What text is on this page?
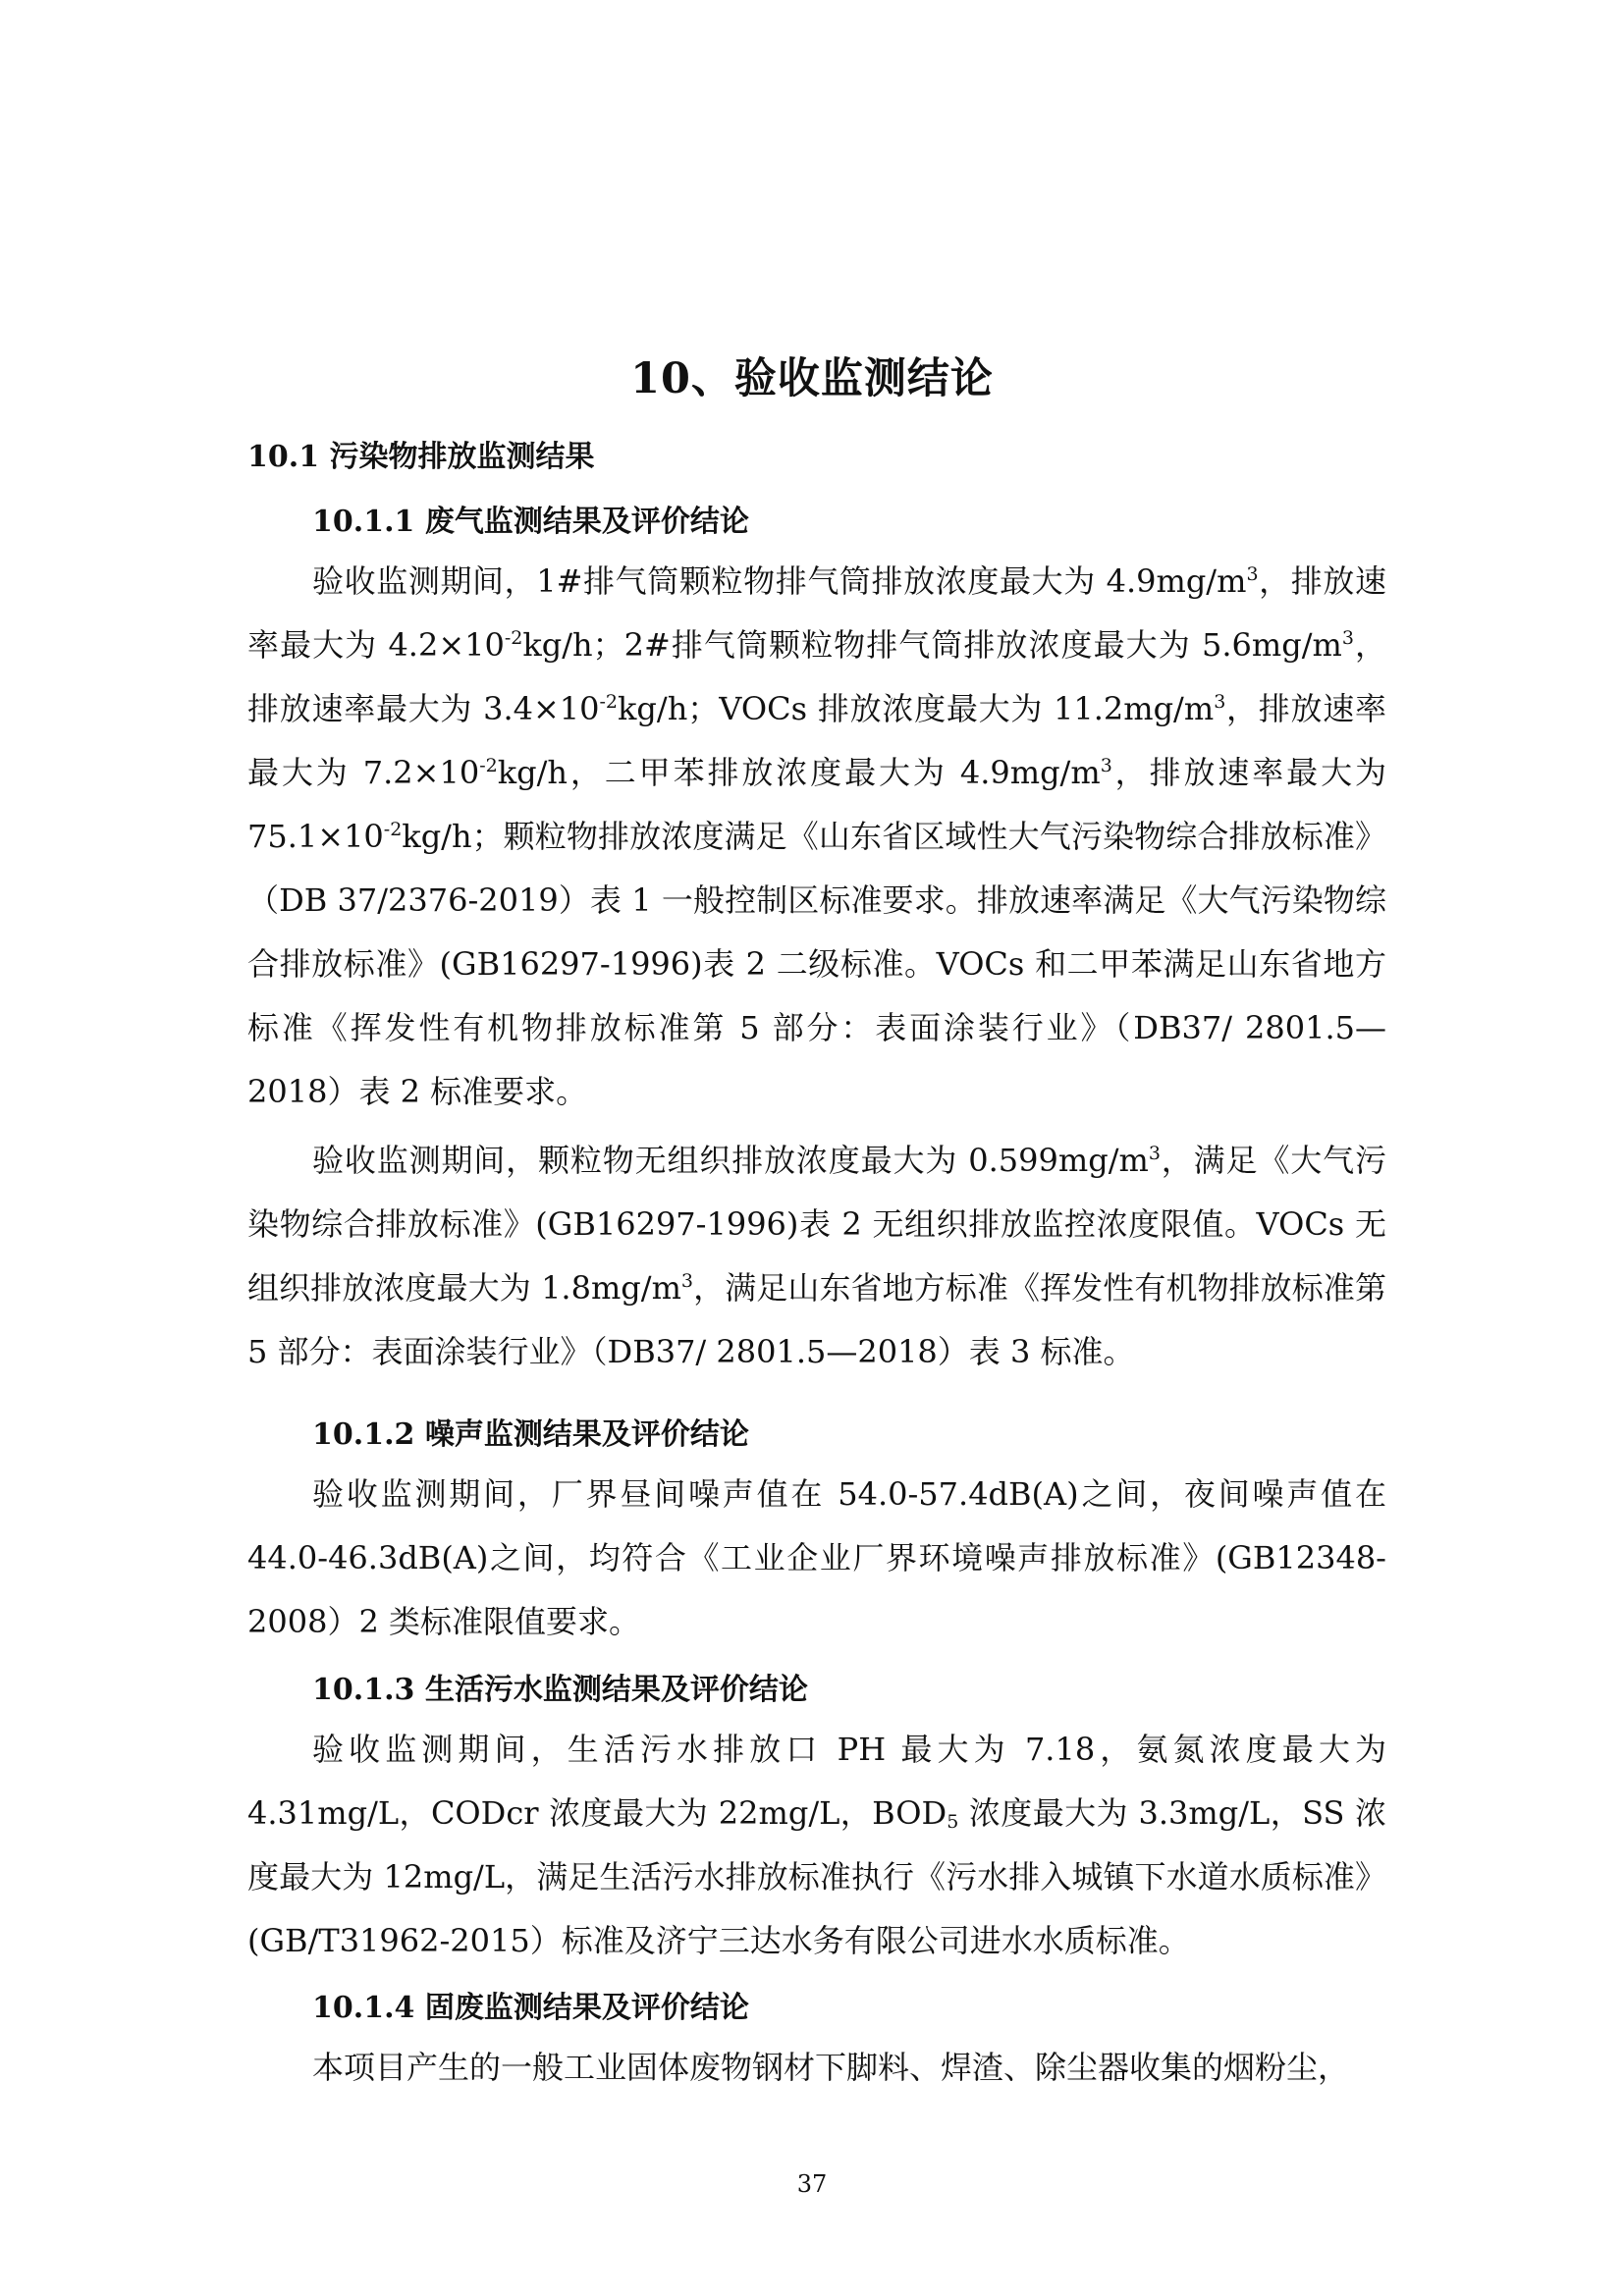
10、验收监测结论
10.1 污染物排放监测结果
10.1.1 废气监测结果及评价结论

验收监测期间，1#排气筒颗粒物排气筒排放浓度最大为 $4.9mg/m^3$，排放速率最大为 $4.2\times 10^{-2}kg/h$；2#排气筒颗粒物排气筒排放浓度最大为 $5.6mg/m^3$，排放速率最大为 $3.4\times 10^{-2}kg/h$；VOCs 排放浓度最大为 $11.2mg/m^3$，排放速率最大为 $7.2\times 10^{-2}kg/h$，二甲苯排放浓度最大为 $4.9mg/m^3$，排放速率最大为 $75.1\times 10^{-2}kg/h$；颗粒物排放浓度满足《山东省区域性大气污染物综合排放标准》（DB 37/2376-2019）表 1 一般控制区标准要求。排放速率满足《大气污染物综合排放标准》(GB16297-1996)表 2 二级标准。VOCs 和二甲苯满足山东省地方标准《挥发性有机物排放标准第 5 部分：表面涂装行业》（DB37/ 2801.5—2018）表 2 标准要求。

验收监测期间，颗粒物无组织排放浓度最大为 $0.599mg/m^3$，满足《大气污染物综合排放标准》(GB16297-1996)表 2 无组织排放监控浓度限值。VOCs 无组织排放浓度最大为 $1.8mg/m^3$，满足山东省地方标准《挥发性有机物排放标准第 5 部分：表面涂装行业》（DB37/ 2801.5—2018）表 3 标准。

10.1.2 噪声监测结果及评价结论

验收监测期间，厂界昼间噪声值在 54.0-57.4dB(A)之间，夜间噪声值在 44.0-46.3dB(A)之间，均符合《工业企业厂界环境噪声排放标准》(GB12348-2008）2 类标准限值要求。

10.1.3 生活污水监测结果及评价结论

验收监测期间，生活污水排放口 PH 最大为 7.18，氨氮浓度最大为 4.31mg/L，CODcr 浓度最大为 22mg/L，$BOD_5$ 浓度最大为 3.3mg/L，SS 浓度最大为 12mg/L，满足生活污水排放标准执行《污水排入城镇下水道水质标准》(GB/T31962-2015）标准及济宁三达水务有限公司进水水质标准。

10.1.4 固废监测结果及评价结论

本项目产生的一般工业固体废物钢材下脚料、焊渣、除尘器收集的烟粉尘，

37
